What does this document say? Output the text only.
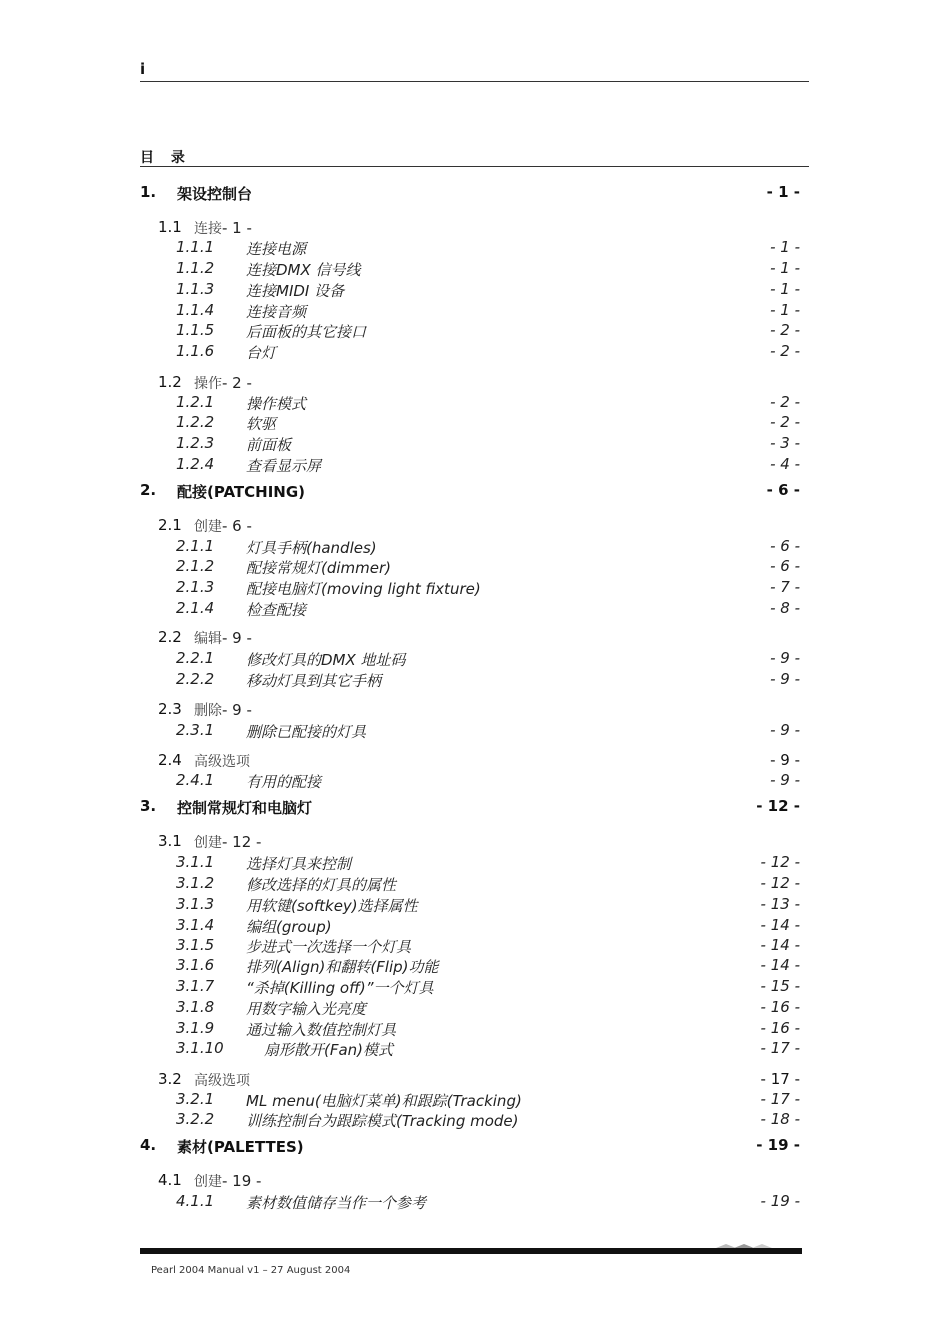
i
目 录
1. 架设控制台	- 1 -
1.1 连接- 1 -
1.1.1 连接电源	- 1 -
1.1.2 连接DMX 信号线	- 1 -
1.1.3 连接MIDI 设备	- 1 -
1.1.4 连接音频	- 1 -
1.1.5 后面板的其它接口	- 2 -
1.1.6 台灯	- 2 -
1.2 操作- 2 -
1.2.1 操作模式	- 2 -
1.2.2 软驱	- 2 -
1.2.3 前面板	- 3 -
1.2.4 查看显示屏	- 4 -
2. 配接(PATCHING)	- 6 -
2.1 创建- 6 -
2.1.1 灯具手柄(handles)	- 6 -
2.1.2 配接常规灯(dimmer)	- 6 -
2.1.3 配接电脑灯(moving light fixture)	- 7 -
2.1.4 检查配接	- 8 -
2.2 编辑- 9 -
2.2.1 修改灯具的DMX 地址码	- 9 -
2.2.2 移动灯具到其它手柄	- 9 -
2.3 删除- 9 -
2.3.1 删除已配接的灯具	- 9 -
2.4 高级选项	- 9 -
2.4.1 有用的配接	- 9 -
3. 控制常规灯和电脑灯	- 12 -
3.1 创建- 12 -
3.1.1 选择灯具来控制	- 12 -
3.1.2 修改选择的灯具的属性	- 12 -
3.1.3 用软键(softkey)选择属性	- 13 -
3.1.4 编组(group)	- 14 -
3.1.5 步进式一次选择一个灯具	- 14 -
3.1.6 排列(Align)和翻转(Flip)功能	- 14 -
3.1.7 “杀掉(Killing off)”一个灯具	- 15 -
3.1.8 用数字输入光亮度	- 16 -
3.1.9 通过输入数值控制灯具	- 16 -
3.1.10	扇形散开(Fan)模式	- 17 -
3.2 高级选项	- 17 -
3.2.1 ML menu(电脑灯菜单)和跟踪(Tracking)	- 17 -
3.2.2 训练控制台为跟踪模式(Tracking mode)	- 18 -
4. 素材(PALETTES)	- 19 -
4.1 创建- 19 -
4.1.1 素材数值储存当作一个参考	- 19 -
Pearl 2004 Manual v1 – 27 August 2004
